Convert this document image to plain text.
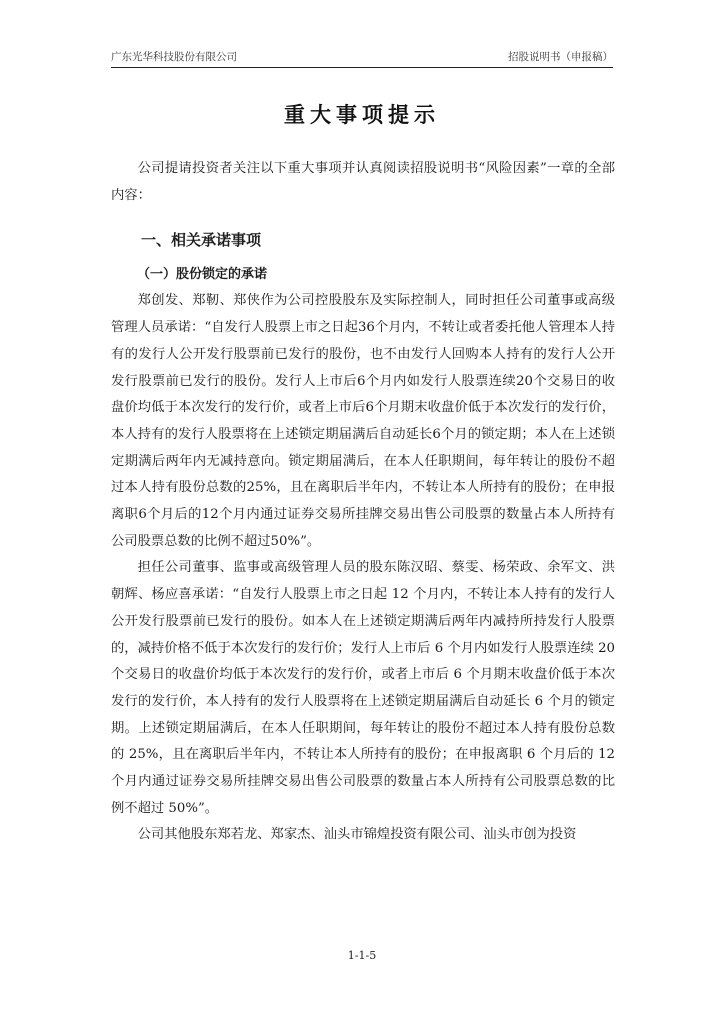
广东光华科技股份有限公司	招股说明书（申报稿）
重大事项提示

公司提请投资者关注以下重大事项并认真阅读招股说明书“风险因素”一章的全部内容：

一、相关承诺事项
（一）股份锁定的承诺

郑创发、郑靭、郑侠作为公司控股股东及实际控制人，同时担任公司董事或高级管理人员承诺：“自发行人股票上市之日起36个月内，不转让或者委托他人管理本人持有的发行人公开发行股票前已发行的股份，也不由发行人回购本人持有的发行人公开发行股票前已发行的股份。发行人上市后6个月内如发行人股票连续20个交易日的收盘价均低于本次发行的发行价，或者上市后6个月期末收盘价低于本次发行的发行价，本人持有的发行人股票将在上述锁定期届满后自动延长6个月的锁定期；本人在上述锁定期满后两年内无减持意向。锁定期届满后，在本人任职期间，每年转让的股份不超过本人持有股份总数的25%，且在离职后半年内，不转让本人所持有的股份；在申报离职6个月后的12个月内通过证券交易所挂牌交易出售公司股票的数量占本人所持有公司股票总数的比例不超过50%”。

担任公司董事、监事或高级管理人员的股东陈汉昭、蔡雯、杨荣政、余军文、洪朝辉、杨应喜承诺：“自发行人股票上市之日起 12 个月内，不转让本人持有的发行人公开发行股票前已发行的股份。如本人在上述锁定期满后两年内减持所持发行人股票的，减持价格不低于本次发行的发行价；发行人上市后 6 个月内如发行人股票连续 20 个交易日的收盘价均低于本次发行的发行价，或者上市后 6 个月期末收盘价低于本次发行的发行价，本人持有的发行人股票将在上述锁定期届满后自动延长 6 个月的锁定期。上述锁定期届满后，在本人任职期间，每年转让的股份不超过本人持有股份总数的 25%，且在离职后半年内，不转让本人所持有的股份；在申报离职 6 个月后的 12 个月内通过证券交易所挂牌交易出售公司股票的数量占本人所持有公司股票总数的比例不超过 50%”。

公司其他股东郑若龙、郑家杰、汕头市锦煌投资有限公司、汕头市创为投资

1-1-5
